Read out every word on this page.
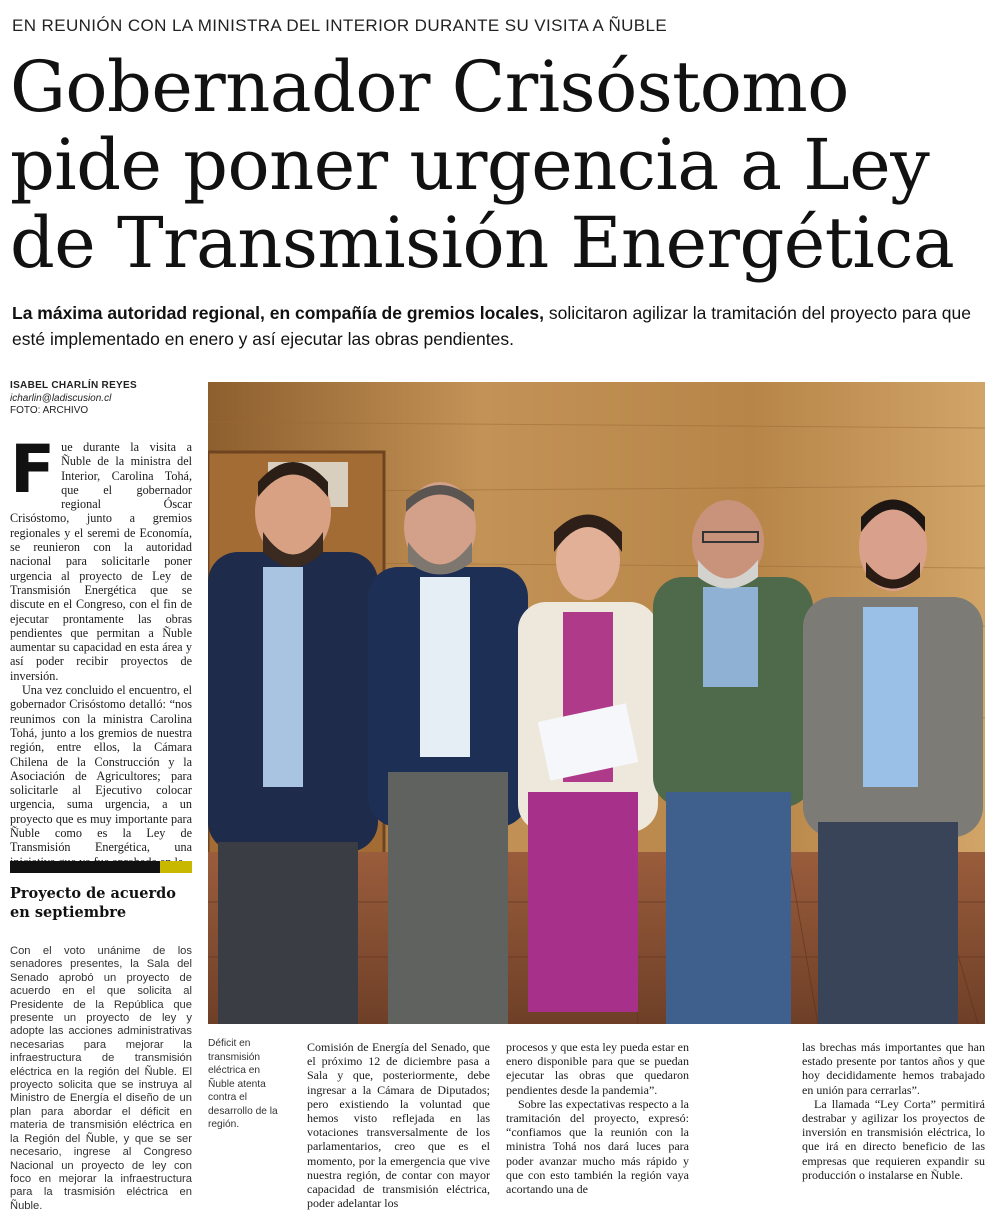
EN REUNIÓN CON LA MINISTRA DEL INTERIOR DURANTE SU VISITA A ÑUBLE
Gobernador Crisóstomo
pide poner urgencia a Ley
de Transmisión Energética
La máxima autoridad regional, en compañía de gremios locales, solicitaron agilizar la tramitación del proyecto para que esté implementado en enero y así ejecutar las obras pendientes.
ISABEL CHARLÍN REYES
icharlin@ladiscusion.cl
FOTO: ARCHIVO

Fue durante la visita a Ñuble de la ministra del Interior, Carolina Tohá, que el gobernador regional Óscar Crisóstomo, junto a gremios regionales y el seremi de Economía, se reunieron con la autoridad nacional para solicitarle poner urgencia al proyecto de Ley de Transmisión Energética que se discute en el Congreso, con el fin de ejecutar prontamente las obras pendientes que permitan a Ñuble aumentar su capacidad en esta área y así poder recibir proyectos de inversión.

Una vez concluido el encuentro, el gobernador Crisóstomo detalló: “nos reunimos con la ministra Carolina Tohá, junto a los gremios de nuestra región, entre ellos, la Cámara Chilena de la Construcción y la Asociación de Agricultores; para solicitarle al Ejecutivo colocar urgencia, suma urgencia, a un proyecto que es muy importante para Ñuble como es la Ley de Transmisión Energética, una

Proyecto de acuerdo en septiembre
Con el voto unánime de los senadores presentes, la Sala del Senado aprobó un proyecto de acuerdo en el que solicita al Presidente de la República que presente un proyecto de ley y adopte las acciones administrativas necesarias para mejorar la infraestructura de transmisión eléctrica en la región del Ñuble. El proyecto solicita que se instruya al Ministro de Energía el diseño de un plan para abordar el déficit en materia de transmisión eléctrica en la Región del Ñuble, y que se ser necesario, ingrese al Congreso Nacional un proyecto de ley con foco en mejorar la infraestructura para la trasmisión eléctrica en Ñuble.
Déficit en transmisión eléctrica en Ñuble atenta contra el desarrollo de la región.

Comisión de Energía del Senado, que el próximo 12 de diciembre pasa a Sala y que, posteriormente, debe ingresar a la Cámara de Diputados; pero existiendo la voluntad que hemos visto reflejada en las votaciones transversalmente de los parlamentarios, creo que es el momento, por la emergencia que vive nuestra región, de contar con mayor capacidad de transmisión eléctrica, poder adelantar los

procesos y que esta ley pueda estar en enero disponible para que se puedan ejecutar las obras que quedaron pendientes desde la pandemia”.

Sobre las expectativas respecto a la tramitación del proyecto, expresó: “confiamos que la reunión con la ministra Tohá nos dará luces para poder avanzar mucho más rápido y que con esto también la región vaya acortando una de

las brechas más importantes que han estado presente por tantos años y que hoy decididamente hemos trabajado en unión para cerrarlas”.

La llamada “Ley Corta” permitirá destrabar y agilizar los proyectos de inversión en transmisión eléctrica, lo que irá en directo beneficio de las empresas que requieren expandir su producción o instalarse en Ñuble.
